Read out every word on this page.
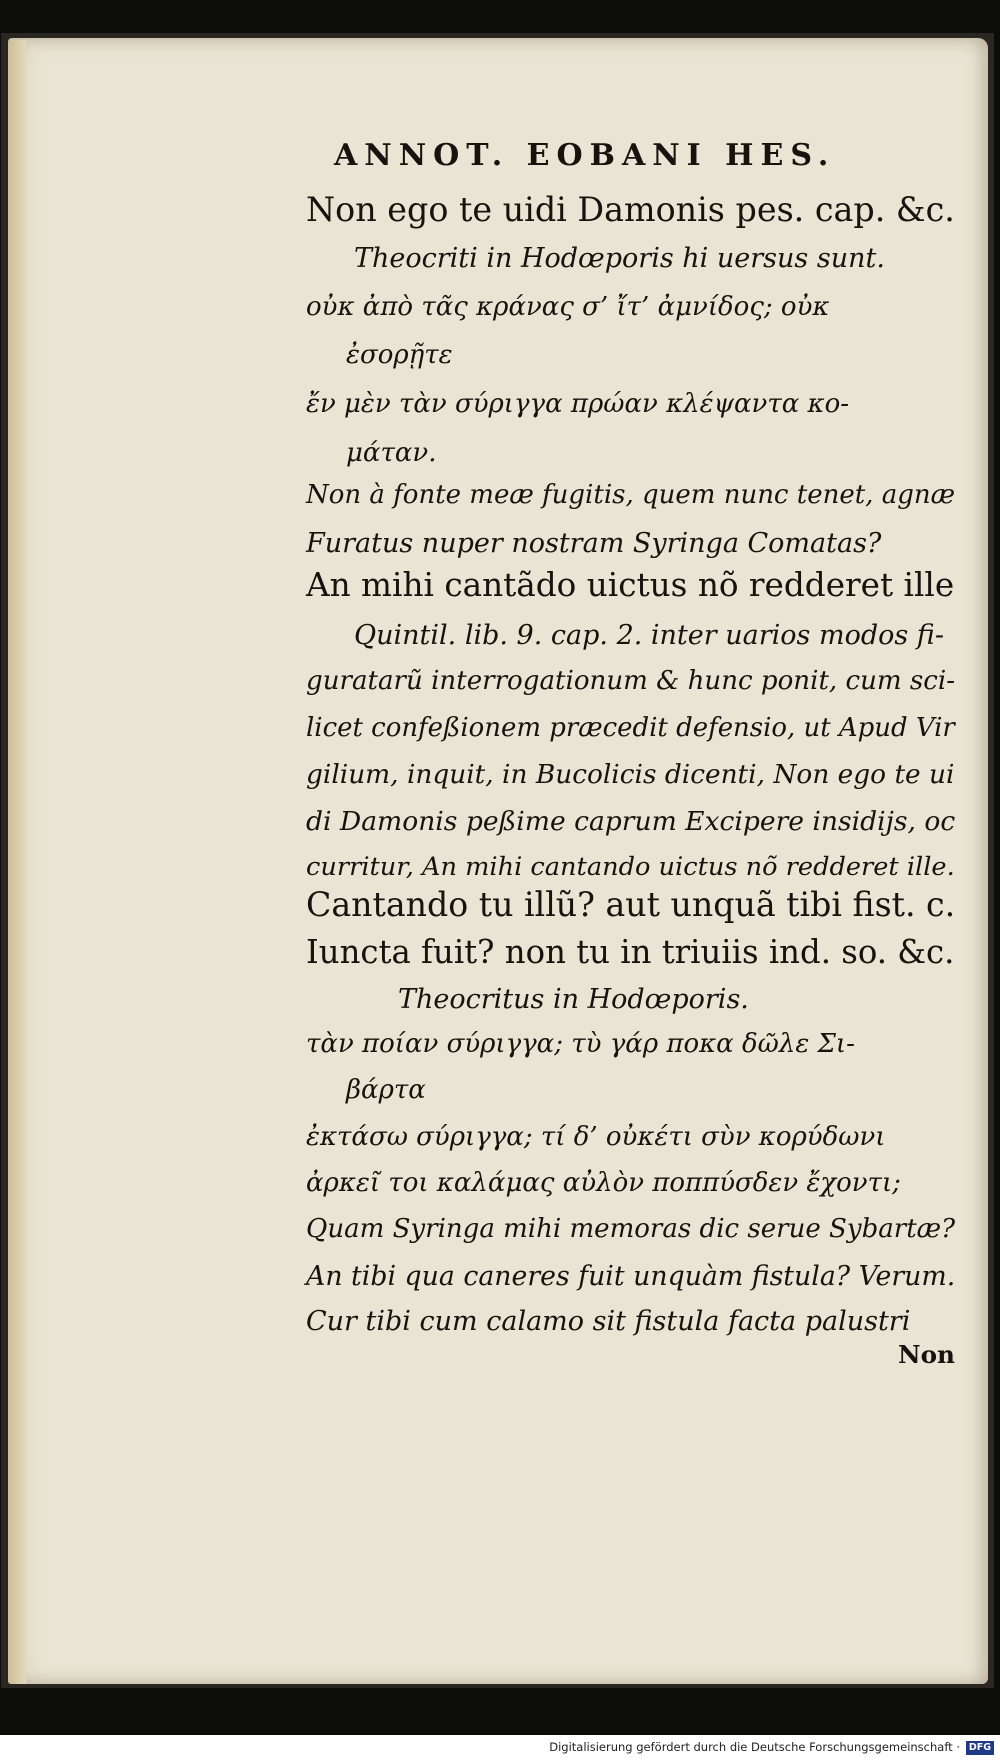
ANNOT. EOBANI HES.
Non ego te uidi Damonis pes. cap. &c.
Theocriti in Hodœporis hi uersus sunt.
οὐκ ἀπὸ τᾶς κράνας σ’ ἴτ’ ἀμνίδος; οὐκ
ἐσορῇτε
ἔν μὲν τὰν σύριγγα πρώαν κλέψαντα κο-
μάταν.
Non à fonte meæ fugitis, quem nunc tenet, agnæ
Furatus nuper nostram Syringa Comatas?
An mihi cantãdo uictus nõ redderet ille
Quintil. lib. 9. cap. 2. inter uarios modos fi-
guratarũ interrogationum & hunc ponit, cum sci-
licet confeßionem præcedit defensio, ut Apud Vir
gilium, inquit, in Bucolicis dicenti, Non ego te ui
di Damonis peßime caprum Excipere insidijs, oc
curritur, An mihi cantando uictus nõ redderet ille.
Cantando tu illũ? aut unquã tibi fist. c.
Iuncta fuit? non tu in triuiis ind. so. &c.
Theocritus in Hodœporis.
τὰν ποίαν σύριγγα; τὺ γάρ ποκα δῶλε Σι-
βάρτα
ἐκτάσω σύριγγα; τί δ’ οὐκέτι σὺν κορύδωνι
ἀρκεῖ τοι καλάμας αὐλὸν ποππύσδεν ἔχοντι;
Quam Syringa mihi memoras dic serue Sybartæ?
An tibi qua caneres fuit unquàm fistula? Verum.
Cur tibi cum calamo sit fistula facta palustri
Non
Digitalisierung gefördert durch die Deutsche Forschungsgemeinschaft · DFG
